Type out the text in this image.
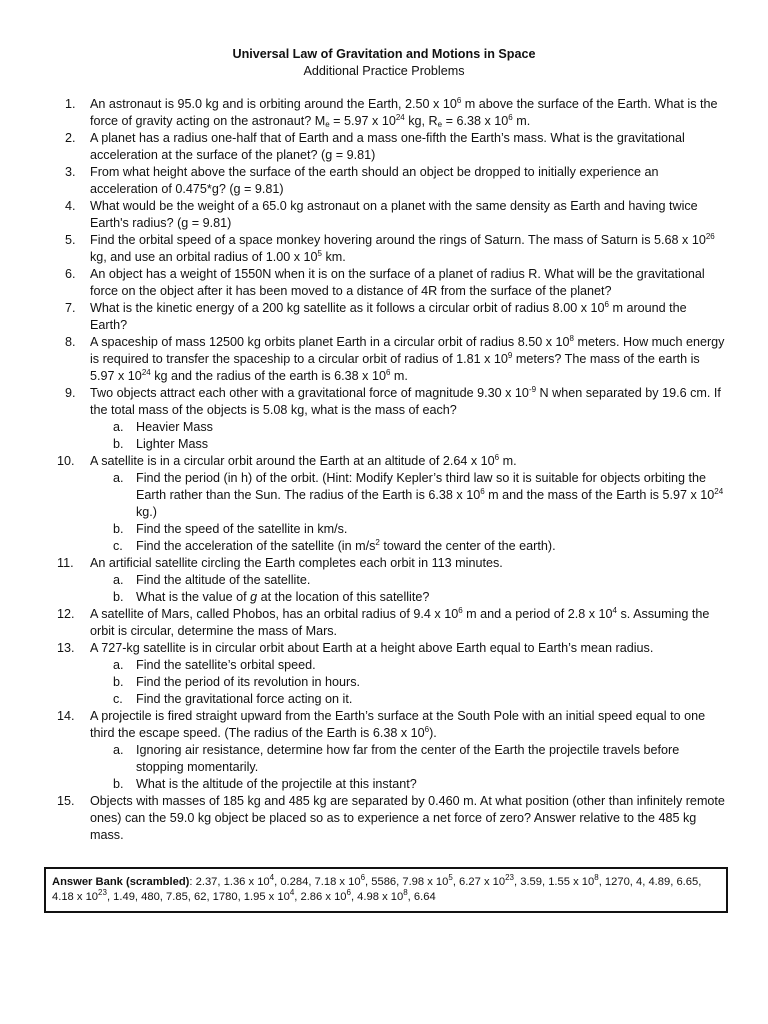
Universal Law of Gravitation and Motions in Space
Additional Practice Problems
1. An astronaut is 95.0 kg and is orbiting around the Earth, 2.50 x $10^6$ m above the surface of the Earth. What is the force of gravity acting on the astronaut? $M_e = 5.97$ x $10^{24}$ kg, $R_e = 6.38$ x $10^6$ m.
2. A planet has a radius one-half that of Earth and a mass one-fifth the Earth’s mass. What is the gravitational acceleration at the surface of the planet? (g = 9.81)
3. From what height above the surface of the earth should an object be dropped to initially experience an acceleration of 0.475*g? (g = 9.81)
4. What would be the weight of a 65.0 kg astronaut on a planet with the same density as Earth and having twice Earth's radius? (g = 9.81)
5. Find the orbital speed of a space monkey hovering around the rings of Saturn. The mass of Saturn is 5.68 x $10^{26}$ kg, and use an orbital radius of 1.00 x $10^5$ km.
6. An object has a weight of 1550N when it is on the surface of a planet of radius R. What will be the gravitational force on the object after it has been moved to a distance of 4R from the surface of the planet?
7. What is the kinetic energy of a 200 kg satellite as it follows a circular orbit of radius 8.00 x $10^6$ m around the Earth?
8. A spaceship of mass 12500 kg orbits planet Earth in a circular orbit of radius 8.50 x $10^8$ meters. How much energy is required to transfer the spaceship to a circular orbit of radius of 1.81 x $10^9$ meters? The mass of the earth is 5.97 x $10^{24}$ kg and the radius of the earth is 6.38 x $10^6$ m.
9. Two objects attract each other with a gravitational force of magnitude 9.30 x $10^{-9}$ N when separated by 19.6 cm. If the total mass of the objects is 5.08 kg, what is the mass of each?
a. Heavier Mass
b. Lighter Mass
10. A satellite is in a circular orbit around the Earth at an altitude of 2.64 x $10^6$ m.
a. Find the period (in h) of the orbit. (Hint: Modify Kepler’s third law so it is suitable for objects orbiting the Earth rather than the Sun. The radius of the Earth is 6.38 x $10^6$ m and the mass of the Earth is 5.97 x $10^{24}$ kg.)
b. Find the speed of the satellite in km/s.
c. Find the acceleration of the satellite (in $m/s^2$ toward the center of the earth).
11. An artificial satellite circling the Earth completes each orbit in 113 minutes.
a. Find the altitude of the satellite.
b. What is the value of g at the location of this satellite?
12. A satellite of Mars, called Phobos, has an orbital radius of 9.4 x $10^6$ m and a period of 2.8 x $10^4$ s. Assuming the orbit is circular, determine the mass of Mars.
13. A 727-kg satellite is in circular orbit about Earth at a height above Earth equal to Earth’s mean radius.
a. Find the satellite’s orbital speed.
b. Find the period of its revolution in hours.
c. Find the gravitational force acting on it.
14. A projectile is fired straight upward from the Earth’s surface at the South Pole with an initial speed equal to one third the escape speed. (The radius of the Earth is 6.38 x $10^6$).
a. Ignoring air resistance, determine how far from the center of the Earth the projectile travels before stopping momentarily.
b. What is the altitude of the projectile at this instant?
15. Objects with masses of 185 kg and 485 kg are separated by 0.460 m. At what position (other than infinitely remote ones) can the 59.0 kg object be placed so as to experience a net force of zero? Answer relative to the 485 kg mass.
Answer Bank (scrambled): 2.37, 1.36 x $10^4$, 0.284, 7.18 x $10^6$, 5586, 7.98 x $10^5$, 6.27 x $10^{23}$, 3.59, 1.55 x $10^8$, 1270, 4, 4.89, 6.65, 4.18 x $10^{23}$, 1.49, 480, 7.85, 62, 1780, 1.95 x $10^4$, 2.86 x $10^6$, 4.98 x $10^8$, 6.64
